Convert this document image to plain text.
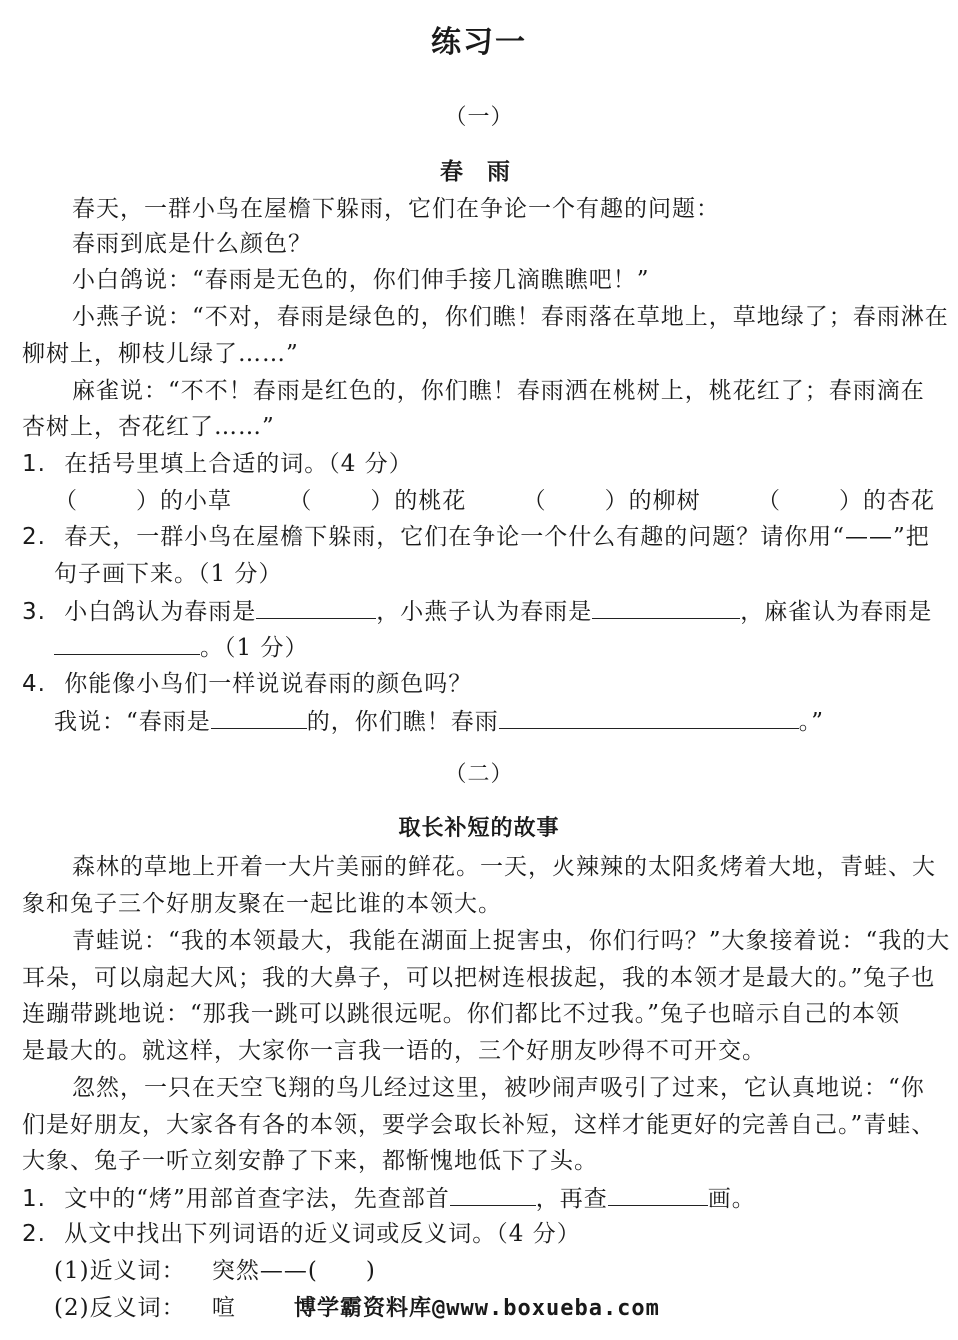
练习一
（一）
春 雨
春天，一群小鸟在屋檐下躲雨，它们在争论一个有趣的问题：
春雨到底是什么颜色？
小白鸽说：“春雨是无色的，你们伸手接几滴瞧瞧吧！”
小燕子说：“不对，春雨是绿色的，你们瞧！春雨落在草地上，草地绿了；春雨淋在
柳树上，柳枝儿绿了……”
麻雀说：“不不！春雨是红色的，你们瞧！春雨洒在桃树上，桃花红了；春雨滴在
杏树上，杏花红了……”
1. 在括号里填上合适的词。（4 分）
（	）的小草 （	）的桃花 （	）的柳树 （	）的杏花
2. 春天，一群小鸟在屋檐下躲雨，它们在争论一个什么有趣的问题？请你用“——”把
句子画下来。（1 分）
3. 小白鸽认为春雨是	，小燕子认为春雨是	，麻雀认为春雨是
。（1 分）
4. 你能像小鸟们一样说说春雨的颜色吗？
我说：“春雨是	的，你们瞧！春雨	。”
（二）
取长补短的故事
森林的草地上开着一大片美丽的鲜花。一天，火辣辣的太阳炙烤着大地，青蛙、大
象和兔子三个好朋友聚在一起比谁的本领大。
青蛙说：“我的本领最大，我能在湖面上捉害虫，你们行吗？”大象接着说：“我的大
耳朵，可以扇起大风；我的大鼻子，可以把树连根拔起，我的本领才是最大的。”兔子也
连蹦带跳地说：“那我一跳可以跳很远呢。你们都比不过我。”兔子也暗示自己的本领
是最大的。就这样，大家你一言我一语的，三个好朋友吵得不可开交。
忽然，一只在天空飞翔的鸟儿经过这里，被吵闹声吸引了过来，它认真地说：“你
们是好朋友，大家各有各的本领，要学会取长补短，这样才能更好的完善自己。”青蛙、
大象、兔子一听立刻安静了下来，都惭愧地低下了头。
1. 文中的“烤”用部首查字法，先查部首	，再查	画。
2. 从文中找出下列词语的近义词或反义词。（4 分）
(1)近义词： 突然——( )
(2)反义词： 喧	博学霸资料库@www.boxueba.com
